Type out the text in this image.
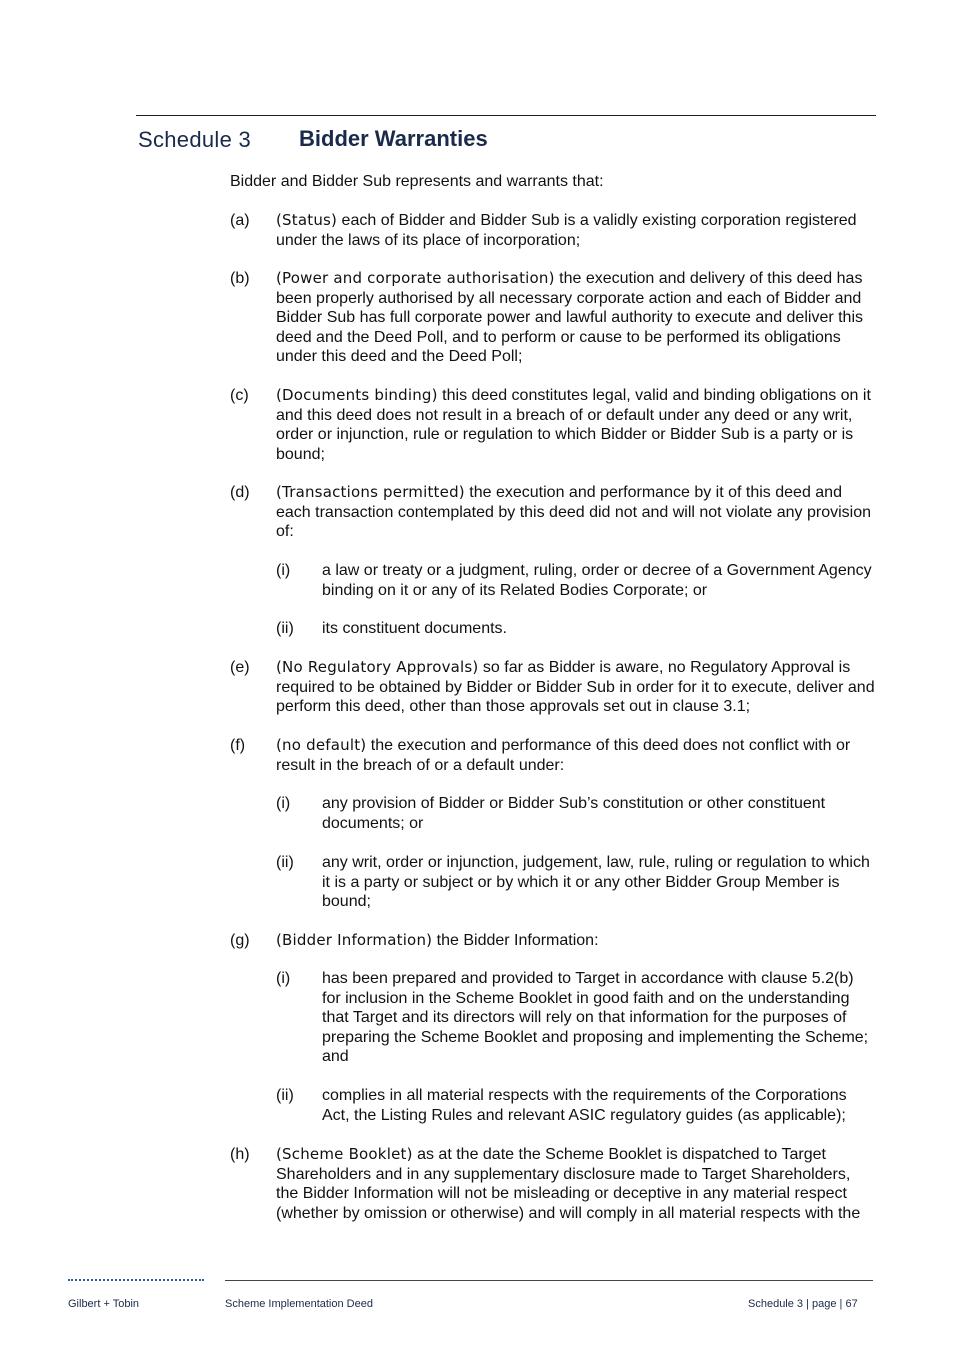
Schedule 3 Bidder Warranties
Bidder and Bidder Sub represents and warrants that:
(a) (Status) each of Bidder and Bidder Sub is a validly existing corporation registered under the laws of its place of incorporation;
(b) (Power and corporate authorisation) the execution and delivery of this deed has been properly authorised by all necessary corporate action and each of Bidder and Bidder Sub has full corporate power and lawful authority to execute and deliver this deed and the Deed Poll, and to perform or cause to be performed its obligations under this deed and the Deed Poll;
(c) (Documents binding) this deed constitutes legal, valid and binding obligations on it and this deed does not result in a breach of or default under any deed or any writ, order or injunction, rule or regulation to which Bidder or Bidder Sub is a party or is bound;
(d) (Transactions permitted) the execution and performance by it of this deed and each transaction contemplated by this deed did not and will not violate any provision of:
(i) a law or treaty or a judgment, ruling, order or decree of a Government Agency binding on it or any of its Related Bodies Corporate; or
(ii) its constituent documents.
(e) (No Regulatory Approvals) so far as Bidder is aware, no Regulatory Approval is required to be obtained by Bidder or Bidder Sub in order for it to execute, deliver and perform this deed, other than those approvals set out in clause 3.1;
(f) (no default) the execution and performance of this deed does not conflict with or result in the breach of or a default under:
(i) any provision of Bidder or Bidder Sub’s constitution or other constituent documents; or
(ii) any writ, order or injunction, judgement, law, rule, ruling or regulation to which it is a party or subject or by which it or any other Bidder Group Member is bound;
(g) (Bidder Information) the Bidder Information:
(i) has been prepared and provided to Target in accordance with clause 5.2(b) for inclusion in the Scheme Booklet in good faith and on the understanding that Target and its directors will rely on that information for the purposes of preparing the Scheme Booklet and proposing and implementing the Scheme; and
(ii) complies in all material respects with the requirements of the Corporations Act, the Listing Rules and relevant ASIC regulatory guides (as applicable);
(h) (Scheme Booklet) as at the date the Scheme Booklet is dispatched to Target Shareholders and in any supplementary disclosure made to Target Shareholders, the Bidder Information will not be misleading or deceptive in any material respect (whether by omission or otherwise) and will comply in all material respects with the
Gilbert + Tobin	Scheme Implementation Deed	Schedule 3 | page | 67
